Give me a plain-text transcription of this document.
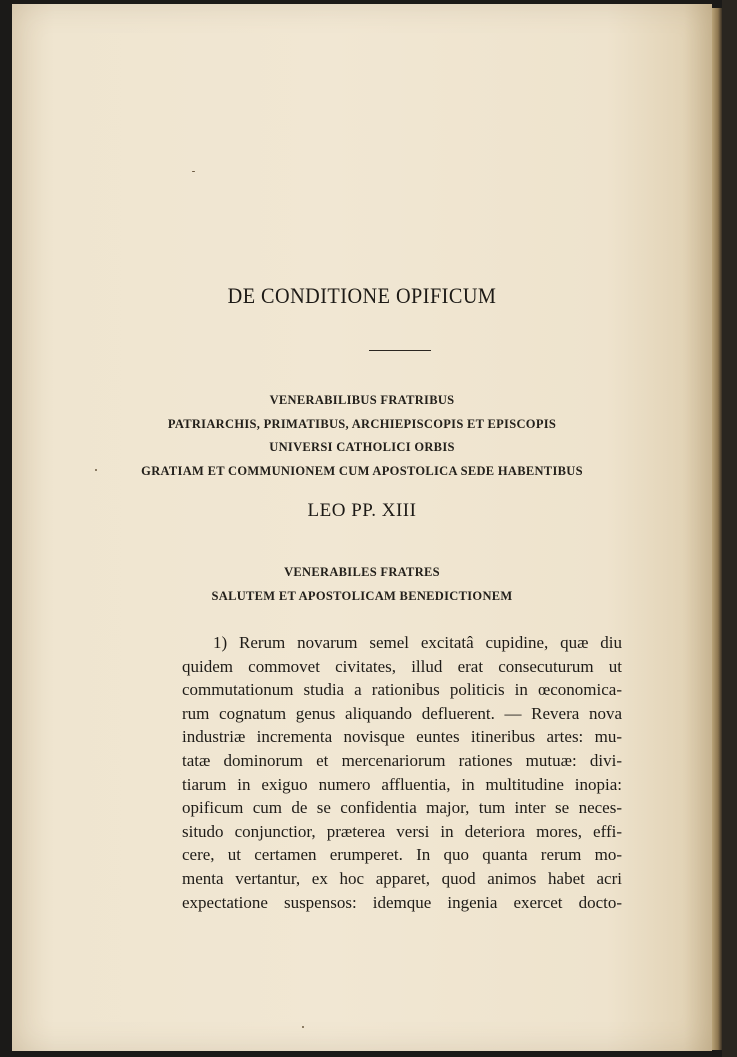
DE CONDITIONE OPIFICUM
VENERABILIBUS FRATRIBUS
PATRIARCHIS, PRIMATIBUS, ARCHIEPISCOPIS ET EPISCOPIS
UNIVERSI CATHOLICI ORBIS
GRATIAM ET COMMUNIONEM CUM APOSTOLICA SEDE HABENTIBUS
LEO PP. XIII
VENERABILES FRATRES
SALUTEM ET APOSTOLICAM BENEDICTIONEM
1) Rerum novarum semel excitatâ cupidine, quæ diu
quidem commovet civitates, illud erat consecuturum ut
commutationum studia a rationibus politicis in œconomica-
rum cognatum genus aliquando defluerent. — Revera nova
industriæ incrementa novisque euntes itineribus artes: mu-
tatæ dominorum et mercenariorum rationes mutuæ: divi-
tiarum in exiguo numero affluentia, in multitudine inopia:
opificum cum de se confidentia major, tum inter se neces-
situdo conjunctior, præterea versi in deteriora mores, effi-
cere, ut certamen erumperet. In quo quanta rerum mo-
menta vertantur, ex hoc apparet, quod animos habet acri
expectatione suspensos: idemque ingenia exercet docto-
